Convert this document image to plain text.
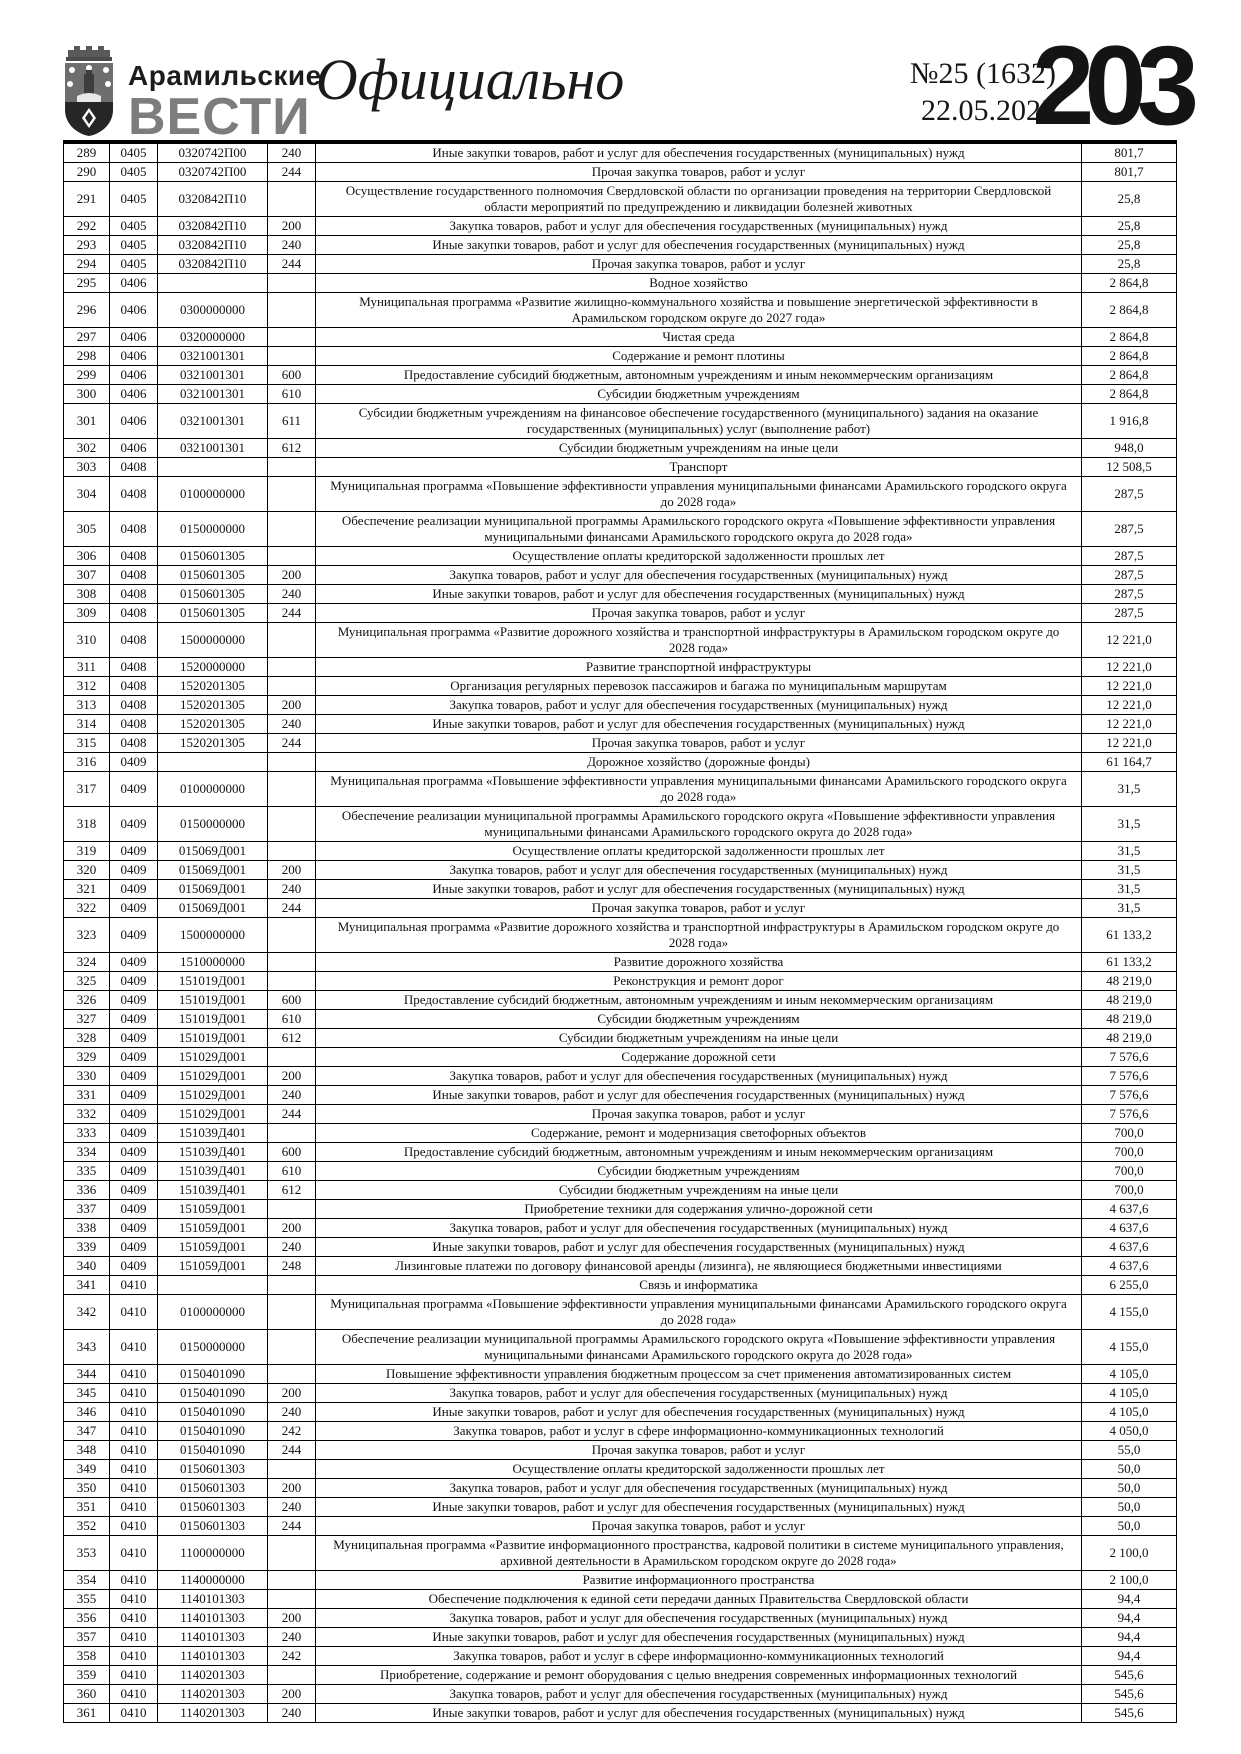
Арамильские
ВЕСТИ
Официально	№25 (1632)
22.05.2025
203
289	0405	0320742П00	240	Иные закупки товаров, работ и услуг для обеспечения государственных (муниципальных) нужд	801,7
290	0405	0320742П00	244	Прочая закупка товаров, работ и услуг	801,7
291	0405	0320842П10		Осуществление государственного полномочия Свердловской области по организации проведения на территории Свердловской области мероприятий по предупреждению и ликвидации болезней животных	25,8
292	0405	0320842П10	200	Закупка товаров, работ и услуг для обеспечения государственных (муниципальных) нужд	25,8
293	0405	0320842П10	240	Иные закупки товаров, работ и услуг для обеспечения государственных (муниципальных) нужд	25,8
294	0405	0320842П10	244	Прочая закупка товаров, работ и услуг	25,8
295	0406			Водное хозяйство	2 864,8
296	0406	0300000000		Муниципальная программа «Развитие жилищно-коммунального хозяйства и повышение энергетической эффективности в Арамильском городском округе до 2027 года»	2 864,8
297	0406	0320000000		Чистая среда	2 864,8
298	0406	0321001301		Содержание и ремонт плотины	2 864,8
299	0406	0321001301	600	Предоставление субсидий бюджетным, автономным учреждениям и иным некоммерческим организациям	2 864,8
300	0406	0321001301	610	Субсидии бюджетным учреждениям	2 864,8
301	0406	0321001301	611	Субсидии бюджетным учреждениям на финансовое обеспечение государственного (муниципального) задания на оказание государственных (муниципальных) услуг (выполнение работ)	1 916,8
302	0406	0321001301	612	Субсидии бюджетным учреждениям на иные цели	948,0
303	0408			Транспорт	12 508,5
304	0408	0100000000		Муниципальная программа «Повышение эффективности управления муниципальными финансами Арамильского городского округа до 2028 года»	287,5
305	0408	0150000000		Обеспечение реализации муниципальной программы Арамильского городского округа «Повышение эффективности управления муниципальными финансами Арамильского городского округа до 2028 года»	287,5
306	0408	0150601305		Осуществление оплаты кредиторской задолженности прошлых лет	287,5
307	0408	0150601305	200	Закупка товаров, работ и услуг для обеспечения государственных (муниципальных) нужд	287,5
308	0408	0150601305	240	Иные закупки товаров, работ и услуг для обеспечения государственных (муниципальных) нужд	287,5
309	0408	0150601305	244	Прочая закупка товаров, работ и услуг	287,5
310	0408	1500000000		Муниципальная программа «Развитие дорожного хозяйства и транспортной инфраструктуры в Арамильском городском округе до 2028 года»	12 221,0
311	0408	1520000000		Развитие транспортной инфраструктуры	12 221,0
312	0408	1520201305		Организация регулярных перевозок пассажиров и багажа по муниципальным маршрутам	12 221,0
313	0408	1520201305	200	Закупка товаров, работ и услуг для обеспечения государственных (муниципальных) нужд	12 221,0
314	0408	1520201305	240	Иные закупки товаров, работ и услуг для обеспечения государственных (муниципальных) нужд	12 221,0
315	0408	1520201305	244	Прочая закупка товаров, работ и услуг	12 221,0
316	0409			Дорожное хозяйство (дорожные фонды)	61 164,7
317	0409	0100000000		Муниципальная программа «Повышение эффективности управления муниципальными финансами Арамильского городского округа до 2028 года»	31,5
318	0409	0150000000		Обеспечение реализации муниципальной программы Арамильского городского округа «Повышение эффективности управления муниципальными финансами Арамильского городского округа до 2028 года»	31,5
319	0409	015069Д001		Осуществление оплаты кредиторской задолженности прошлых лет	31,5
320	0409	015069Д001	200	Закупка товаров, работ и услуг для обеспечения государственных (муниципальных) нужд	31,5
321	0409	015069Д001	240	Иные закупки товаров, работ и услуг для обеспечения государственных (муниципальных) нужд	31,5
322	0409	015069Д001	244	Прочая закупка товаров, работ и услуг	31,5
323	0409	1500000000		Муниципальная программа «Развитие дорожного хозяйства и транспортной инфраструктуры в Арамильском городском округе до 2028 года»	61 133,2
324	0409	1510000000		Развитие дорожного хозяйства	61 133,2
325	0409	151019Д001		Реконструкция и ремонт дорог	48 219,0
326	0409	151019Д001	600	Предоставление субсидий бюджетным, автономным учреждениям и иным некоммерческим организациям	48 219,0
327	0409	151019Д001	610	Субсидии бюджетным учреждениям	48 219,0
328	0409	151019Д001	612	Субсидии бюджетным учреждениям на иные цели	48 219,0
329	0409	151029Д001		Содержание дорожной сети	7 576,6
330	0409	151029Д001	200	Закупка товаров, работ и услуг для обеспечения государственных (муниципальных) нужд	7 576,6
331	0409	151029Д001	240	Иные закупки товаров, работ и услуг для обеспечения государственных (муниципальных) нужд	7 576,6
332	0409	151029Д001	244	Прочая закупка товаров, работ и услуг	7 576,6
333	0409	151039Д401		Содержание, ремонт и модернизация светофорных объектов	700,0
334	0409	151039Д401	600	Предоставление субсидий бюджетным, автономным учреждениям и иным некоммерческим организациям	700,0
335	0409	151039Д401	610	Субсидии бюджетным учреждениям	700,0
336	0409	151039Д401	612	Субсидии бюджетным учреждениям на иные цели	700,0
337	0409	151059Д001		Приобретение техники для содержания улично-дорожной сети	4 637,6
338	0409	151059Д001	200	Закупка товаров, работ и услуг для обеспечения государственных (муниципальных) нужд	4 637,6
339	0409	151059Д001	240	Иные закупки товаров, работ и услуг для обеспечения государственных (муниципальных) нужд	4 637,6
340	0409	151059Д001	248	Лизинговые платежи по договору финансовой аренды (лизинга), не являющиеся бюджетными инвестициями	4 637,6
341	0410			Связь и информатика	6 255,0
342	0410	0100000000		Муниципальная программа «Повышение эффективности управления муниципальными финансами Арамильского городского округа до 2028 года»	4 155,0
343	0410	0150000000		Обеспечение реализации муниципальной программы Арамильского городского округа «Повышение эффективности управления муниципальными финансами Арамильского городского округа до 2028 года»	4 155,0
344	0410	0150401090		Повышение эффективности управления бюджетным процессом за счет применения автоматизированных систем	4 105,0
345	0410	0150401090	200	Закупка товаров, работ и услуг для обеспечения государственных (муниципальных) нужд	4 105,0
346	0410	0150401090	240	Иные закупки товаров, работ и услуг для обеспечения государственных (муниципальных) нужд	4 105,0
347	0410	0150401090	242	Закупка товаров, работ и услуг в сфере информационно-коммуникационных технологий	4 050,0
348	0410	0150401090	244	Прочая закупка товаров, работ и услуг	55,0
349	0410	0150601303		Осуществление оплаты кредиторской задолженности прошлых лет	50,0
350	0410	0150601303	200	Закупка товаров, работ и услуг для обеспечения государственных (муниципальных) нужд	50,0
351	0410	0150601303	240	Иные закупки товаров, работ и услуг для обеспечения государственных (муниципальных) нужд	50,0
352	0410	0150601303	244	Прочая закупка товаров, работ и услуг	50,0
353	0410	1100000000		Муниципальная программа «Развитие информационного пространства, кадровой политики в системе муниципального управления, архивной деятельности в Арамильском городском округе до 2028 года»	2 100,0
354	0410	1140000000		Развитие информационного пространства	2 100,0
355	0410	1140101303		Обеспечение подключения к единой сети передачи данных Правительства Свердловской области	94,4
356	0410	1140101303	200	Закупка товаров, работ и услуг для обеспечения государственных (муниципальных) нужд	94,4
357	0410	1140101303	240	Иные закупки товаров, работ и услуг для обеспечения государственных (муниципальных) нужд	94,4
358	0410	1140101303	242	Закупка товаров, работ и услуг в сфере информационно-коммуникационных технологий	94,4
359	0410	1140201303		Приобретение, содержание и ремонт оборудования с целью внедрения современных информационных технологий	545,6
360	0410	1140201303	200	Закупка товаров, работ и услуг для обеспечения государственных (муниципальных) нужд	545,6
361	0410	1140201303	240	Иные закупки товаров, работ и услуг для обеспечения государственных (муниципальных) нужд	545,6
